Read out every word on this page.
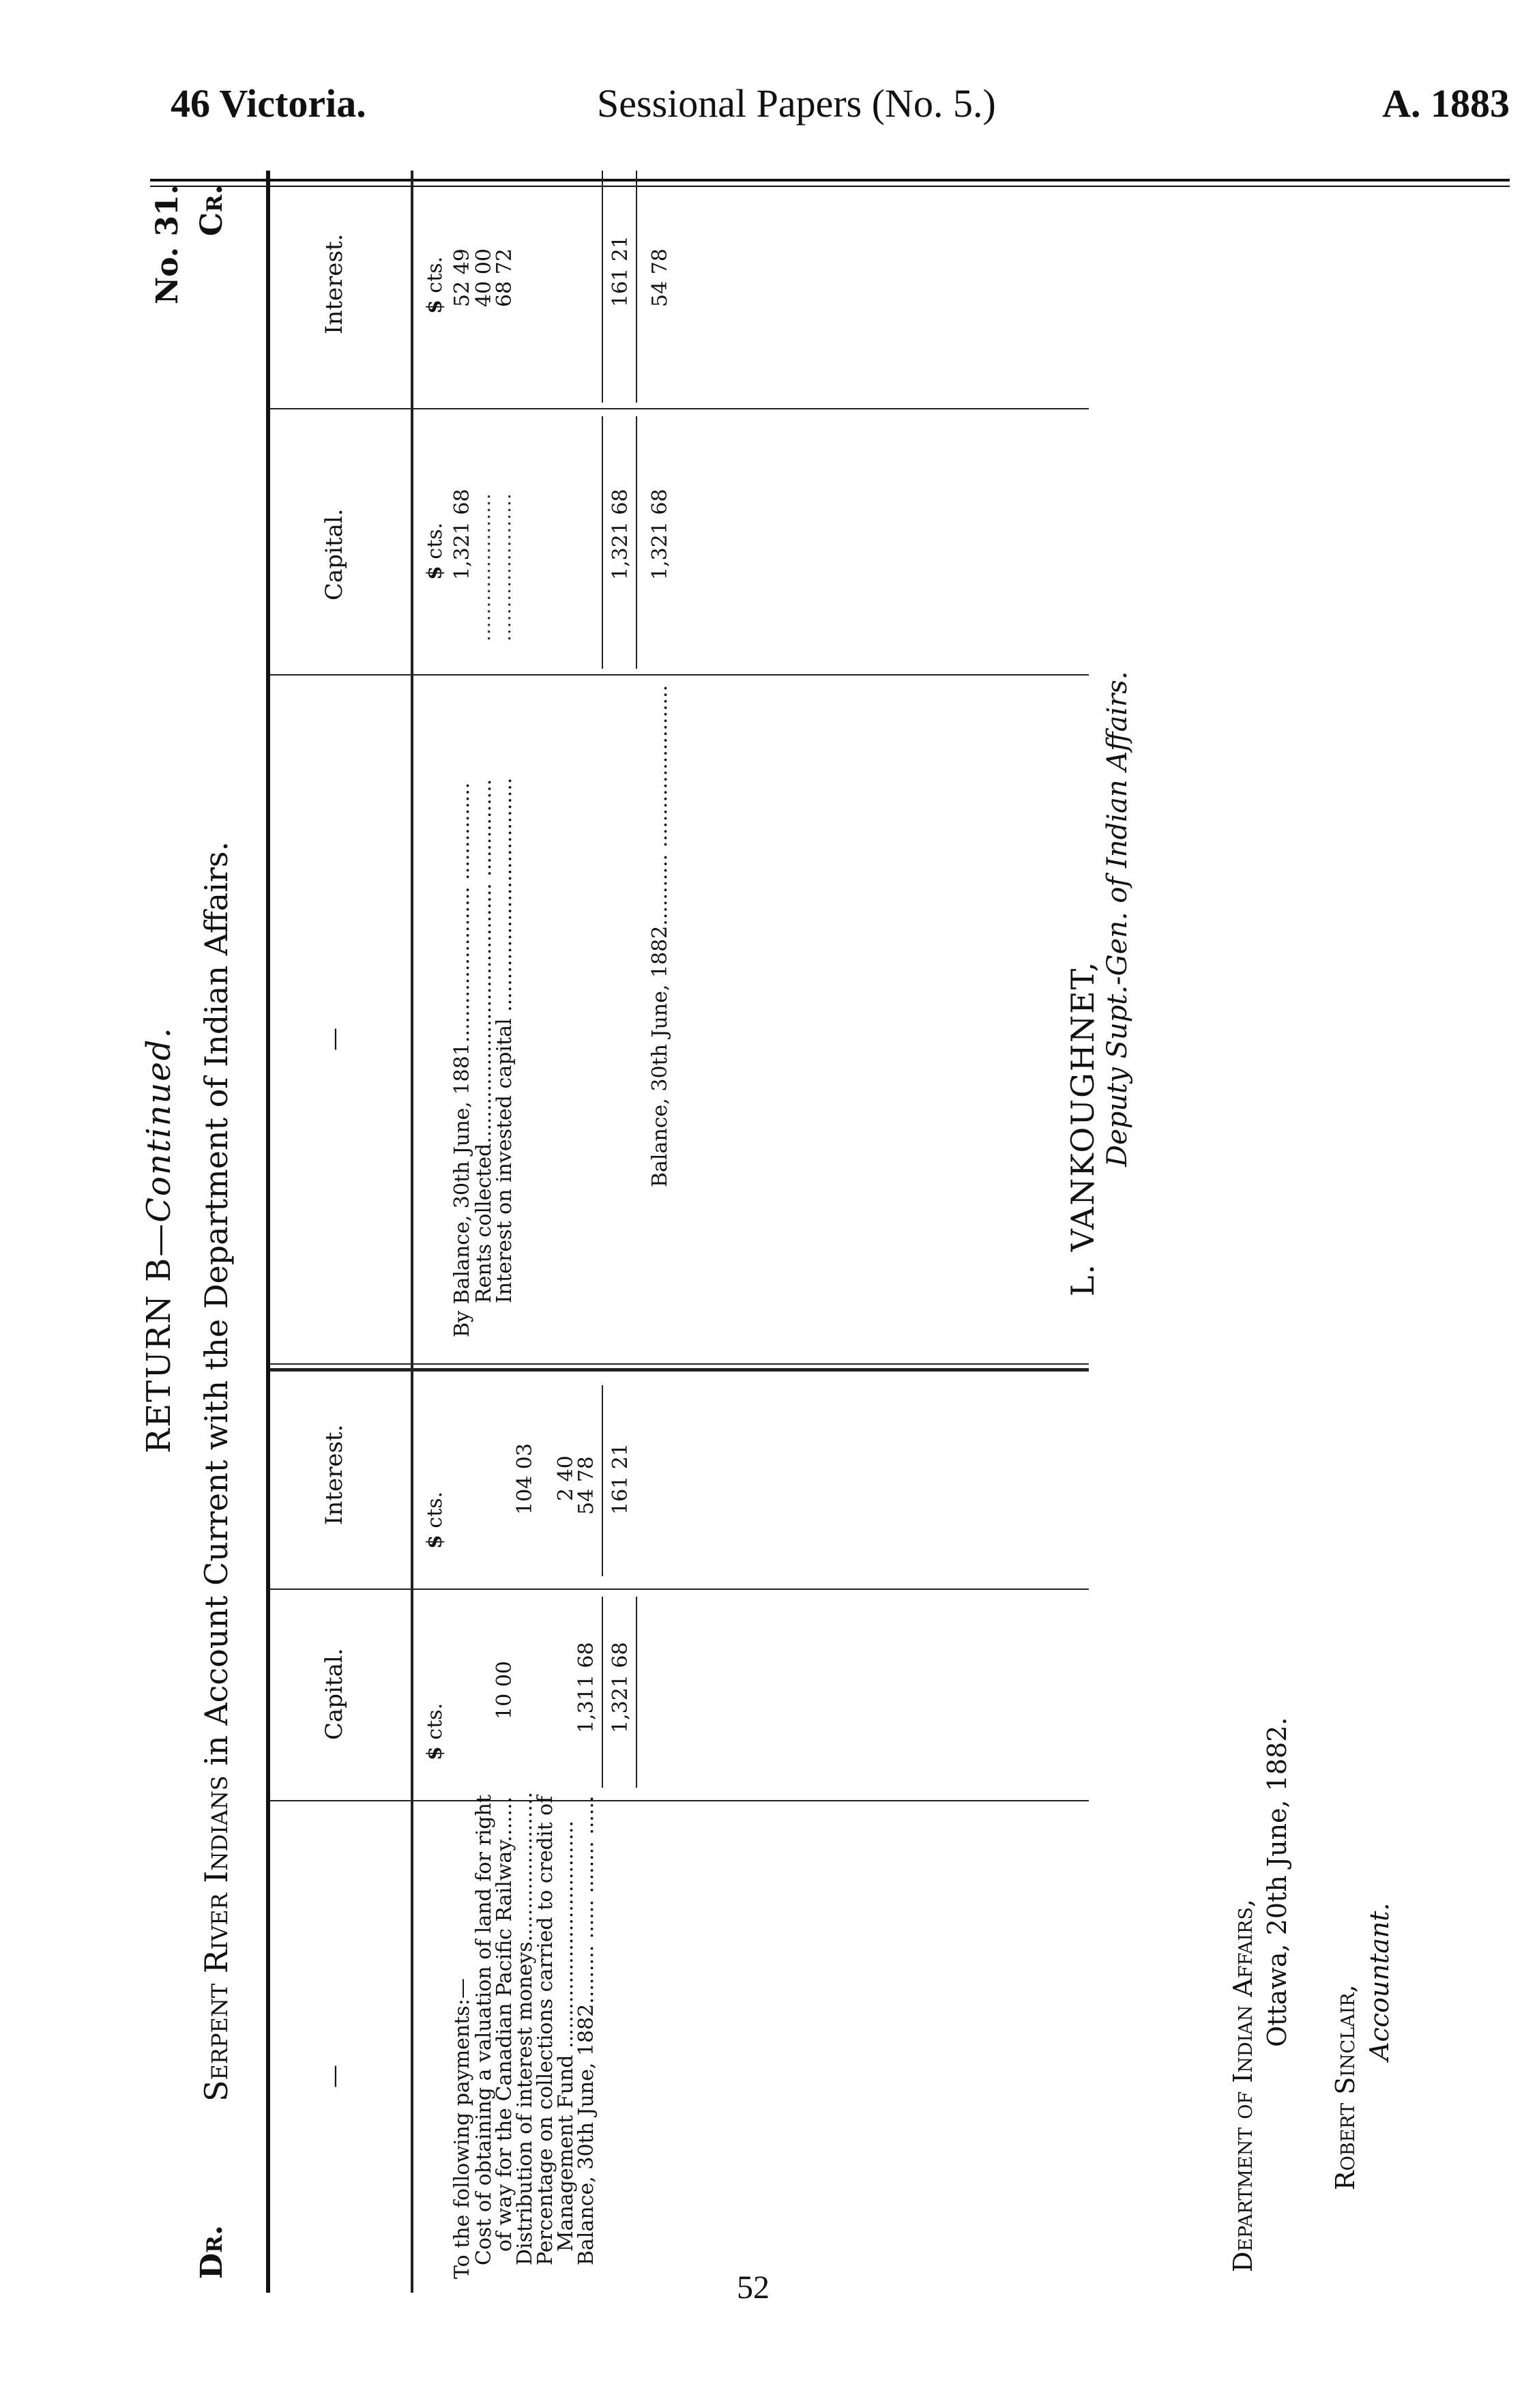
46 Victoria.	Sessional Papers (No. 5.)	A. 1883
RETURN B—Continued.
No. 31.
Serpent River Indians in Account Current with the Department of Indian Affairs.
Dr.
Cr.
—
Capital.
Interest.
—
Capital.
Interest.
$ cts.
$ cts.
$ cts.
$ cts.
To the following payments:—
Cost of obtaining a valuation of land for right
of way for the Canadian Pacific Railway.......
Distribution of interest moneys.......................
Percentage on collections carried to credit of
Management Fund ...................................
Balance, 30th June, 1882......... ...... ........ ......
10 00
104 03 2 40
1,311 68
54 78
1,321 68
161 21
By Balance, 30th June, 1881........................ ...............
Rents collected........................................ ...............
Interest on invested capital ....................................
1,321 68
......................
......................
52 49
40 00
68 72
1,321 68
161 21
Balance, 30th June, 1882........... .........................
1,321 68
54 78
L. VANKOUGHNET, Deputy Supt.-Gen. of Indian Affairs.
Department of Indian Affairs,
Ottawa, 20th June, 1882.
Robert Sinclair,
Accountant.
52
